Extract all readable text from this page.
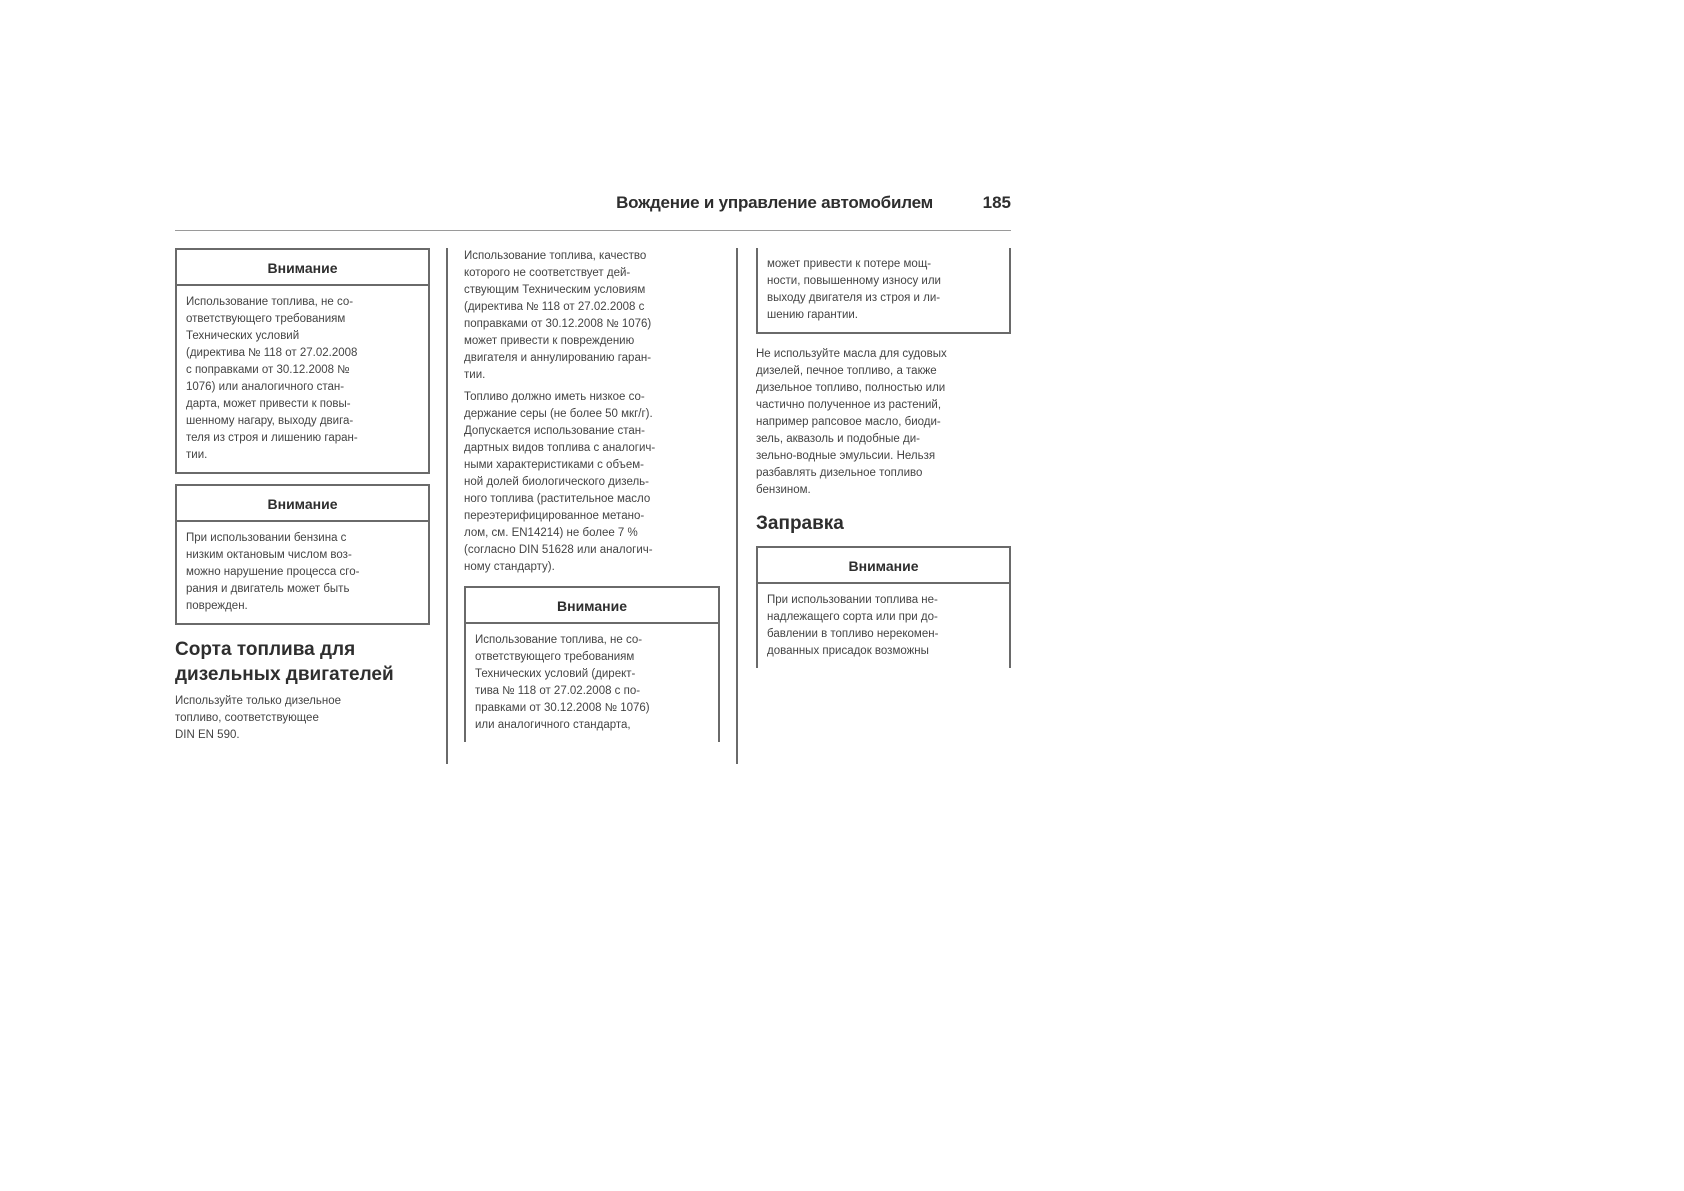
Вождение и управление автомобилем	185
Внимание
Использование топлива, не со-
ответствующего требованиям
Технических условий
(директива № 118 от 27.02.2008
с поправками от 30.12.2008 №
1076) или аналогичного стан-
дарта, может привести к повы-
шенному нагару, выходу двига-
теля из строя и лишению гаран-
тии.
Внимание
При использовании бензина с
низким октановым числом воз-
можно нарушение процесса сго-
рания и двигатель может быть
поврежден.
Сорта топлива для
дизельных двигателей
Используйте только дизельное
топливо, соответствующее
DIN EN 590.
Использование топлива, качество
которого не соответствует дей-
ствующим Техническим условиям
(директива № 118 от 27.02.2008 с
поправками от 30.12.2008 № 1076)
может привести к повреждению
двигателя и аннулированию гаран-
тии.
Топливо должно иметь низкое со-
держание серы (не более 50 мкг/г).
Допускается использование стан-
дартных видов топлива с аналогич-
ными характеристиками с объем-
ной долей биологического дизель-
ного топлива (растительное масло
переэтерифицированное метано-
лом, см. EN14214) не более 7 %
(согласно DIN 51628 или аналогич-
ному стандарту).
Внимание
Использование топлива, не со-
ответствующего требованиям
Технических условий (директ-
тива № 118 от 27.02.2008 с по-
правками от 30.12.2008 № 1076)
или аналогичного стандарта,
может привести к потере мощ-
ности, повышенному износу или
выходу двигателя из строя и ли-
шению гарантии.
Не используйте масла для судовых
дизелей, печное топливо, а также
дизельное топливо, полностью или
частично полученное из растений,
например рапсовое масло, биоди-
зель, аквазоль и подобные ди-
зельно-водные эмульсии. Нельзя
разбавлять дизельное топливо
бензином.
Заправка
Внимание
При использовании топлива не-
надлежащего сорта или при до-
бавлении в топливо нерекомен-
дованных присадок возможны
